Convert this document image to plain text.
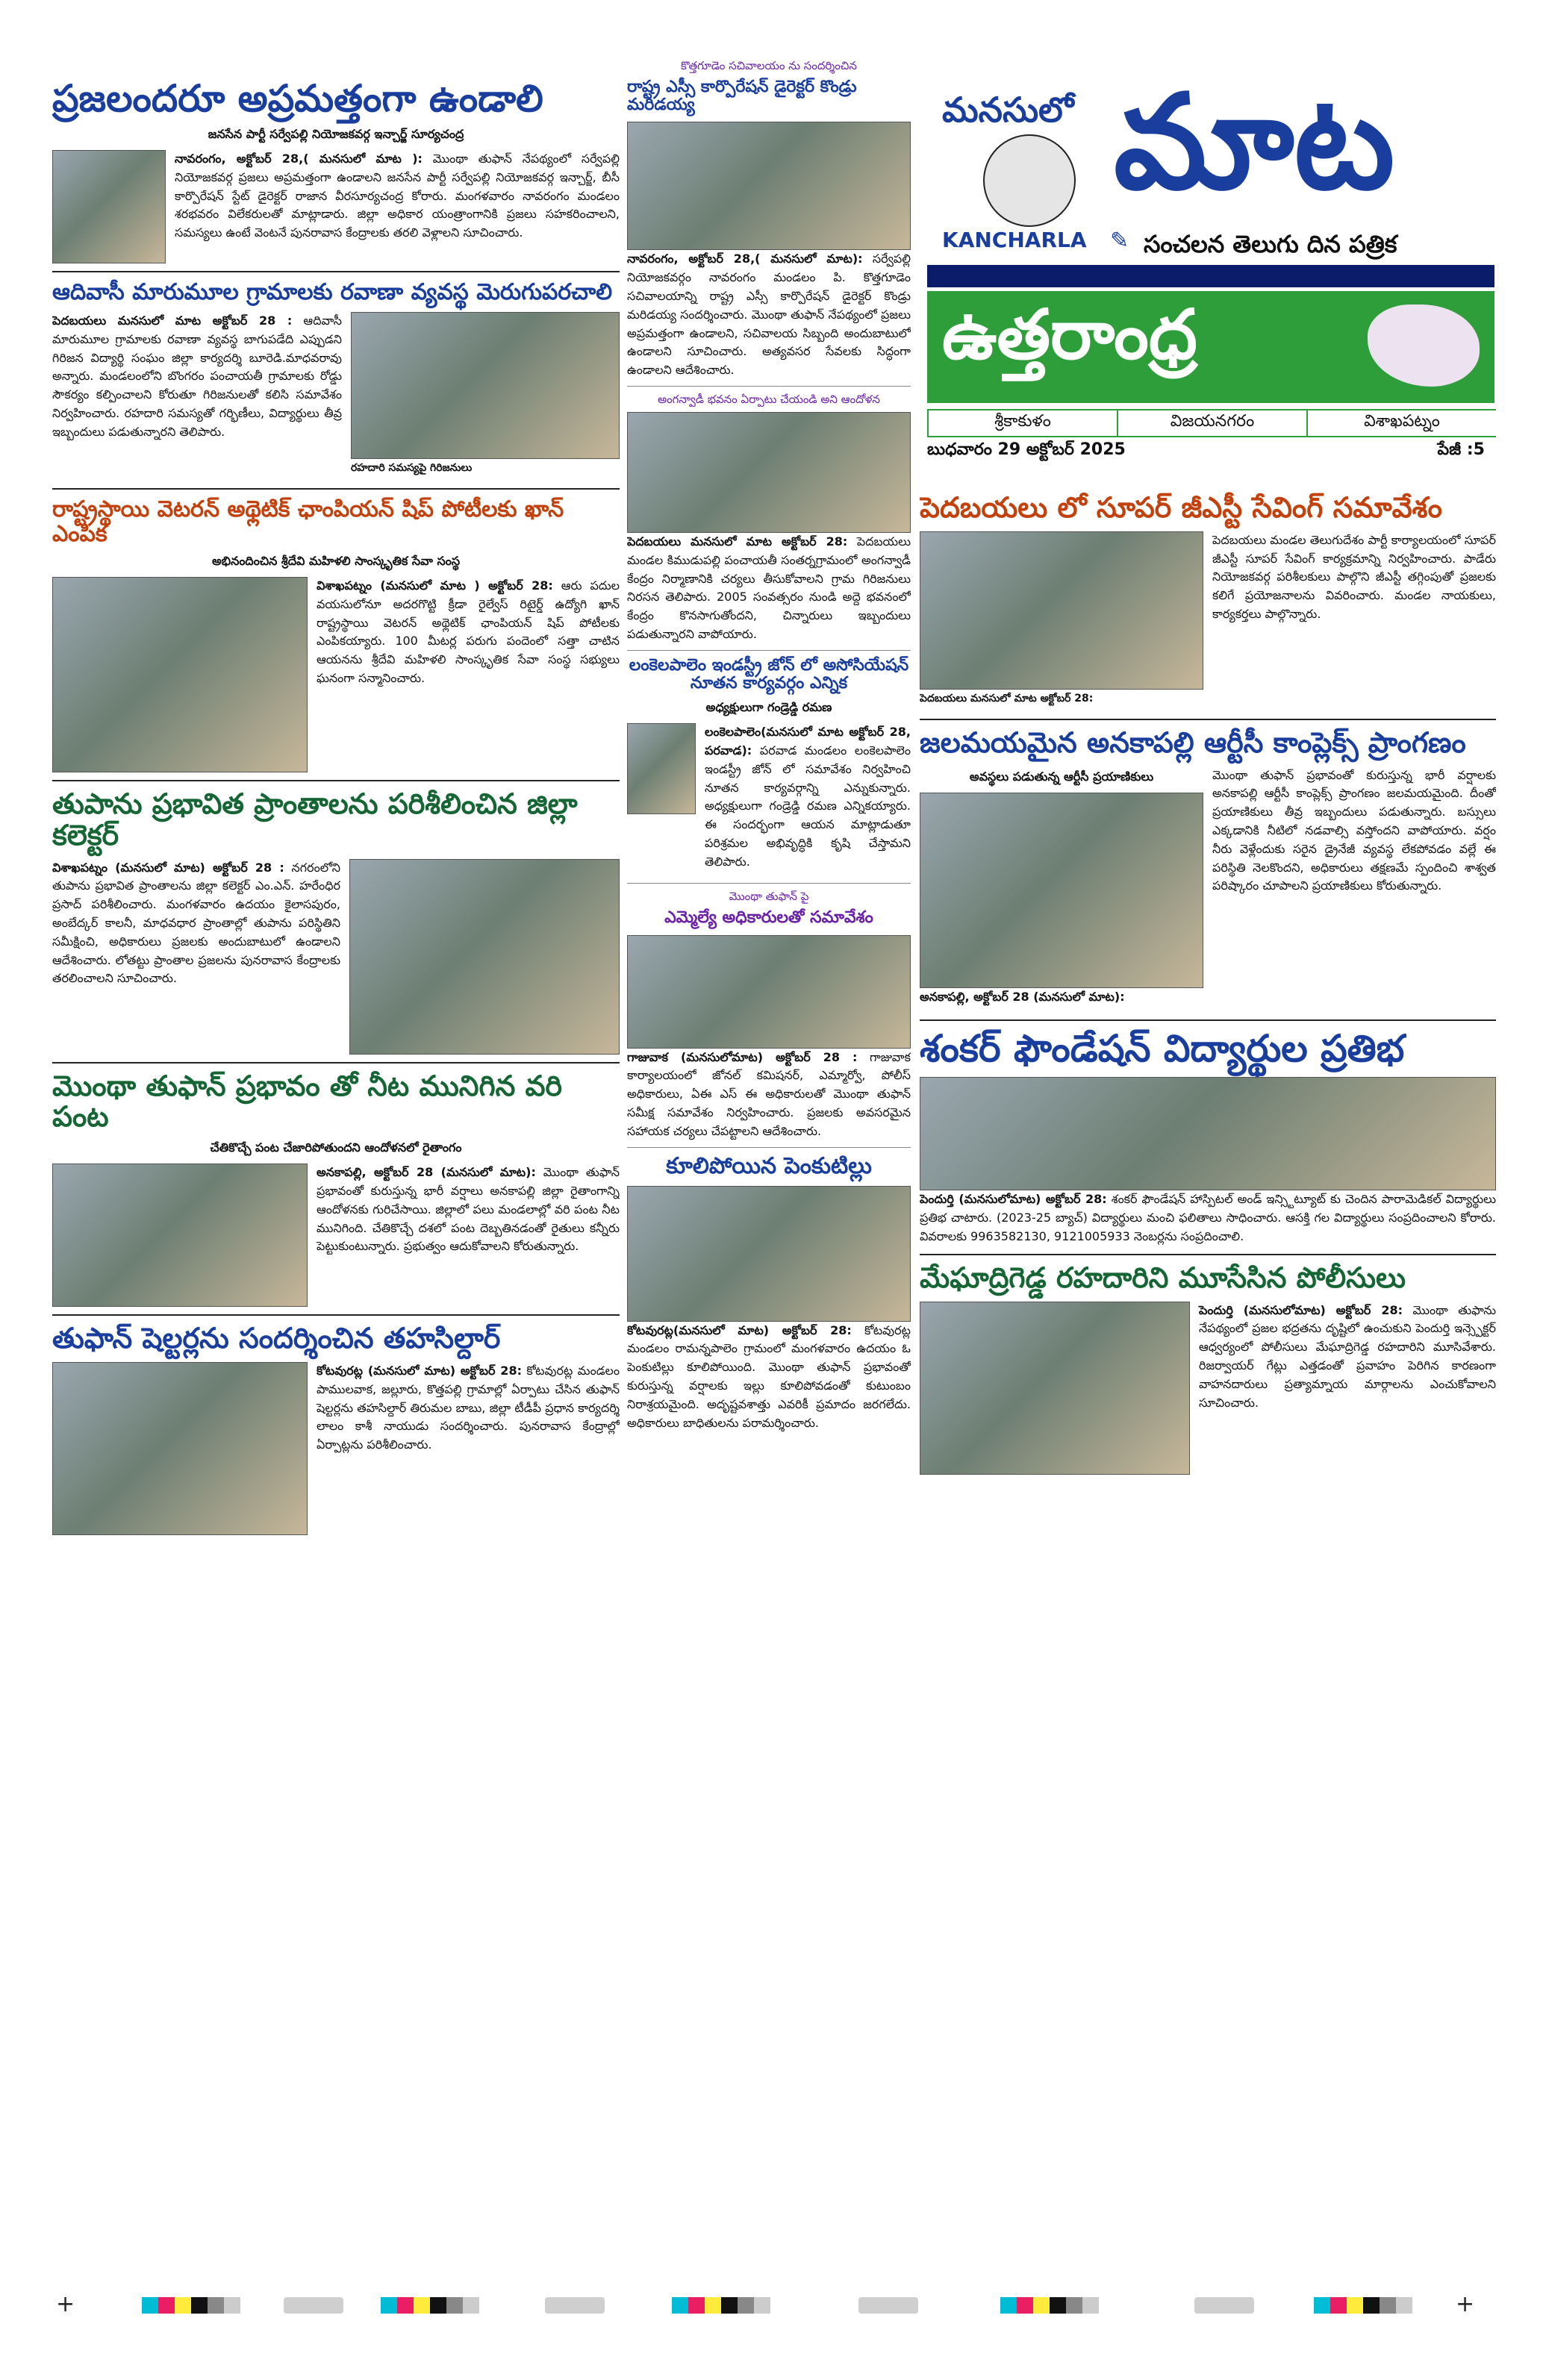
ప్రజలందరూ అప్రమత్తంగా ఉండాలి
జనసేన పార్టీ సర్వేపల్లి నియోజకవర్గ ఇన్చార్జ్ సూర్యచంద్ర

నావరంగం, అక్టోబర్ 28,( మనసులో మాట ): మొంథా తుఫాన్ నేపథ్యంలో సర్వేపల్లి నియోజకవర్గ ప్రజలు అప్రమత్తంగా ఉండాలని జనసేన పార్టీ సర్వేపల్లి నియోజకవర్గ ఇన్చార్జ్, బీసీ కార్పొరేషన్ స్టేట్ డైరెక్టర్ రాజాన వీరసూర్యచంద్ర కోరారు. మంగళవారం నావరంగం మండలం శరభవరం విలేకరులతో మాట్లాడారు. జిల్లా అధికార యంత్రాంగానికి ప్రజలు సహకరించాలని, సమస్యలు ఉంటే వెంటనే పునరావాస కేంద్రాలకు తరలి వెళ్లాలని సూచించారు.

ఆదివాసీ మారుమూల గ్రామాలకు రవాణా వ్యవస్థ మెరుగుపరచాలి

పెదబయలు మనసులో మాట అక్టోబర్ 28 : ఆదివాసీ మారుమూల గ్రామాలకు రవాణా వ్యవస్థ బాగుపడేది ఎప్పుడని గిరిజన విద్యార్థి సంఘం జిల్లా కార్యదర్శి బూరెడి.మాధవరావు అన్నారు. మండలంలోని బొంగరం పంచాయతీ గ్రామాలకు రోడ్డు సౌకర్యం కల్పించాలని కోరుతూ గిరిజనులతో కలిసి సమావేశం నిర్వహించారు. రహదారి సమస్యతో గర్భిణీలు, విద్యార్థులు తీవ్ర ఇబ్బందులు పడుతున్నారని తెలిపారు.

రహదారి సమస్యపై గిరిజనులు
రాష్ట్రస్థాయి వెటరన్ అథ్లెటిక్ ఛాంపియన్ షిప్ పోటీలకు ఖాన్ ఎంపిక
అభినందించిన శ్రీదేవి మహిళలి సాంస్కృతిక సేవా సంస్థ

విశాఖపట్నం (మనసులో మాట ) అక్టోబర్ 28: ఆరు పదుల వయసులోనూ అదరగొట్టి క్రీడా రైల్వేస్ రిటైర్డ్ ఉద్యోగి ఖాన్ రాష్ట్రస్థాయి వెటరన్ అథ్లెటిక్ ఛాంపియన్ షిప్ పోటీలకు ఎంపికయ్యారు. 100 మీటర్ల పరుగు పందెంలో సత్తా చాటిన ఆయనను శ్రీదేవి మహిళలి సాంస్కృతిక సేవా సంస్థ సభ్యులు ఘనంగా సన్మానించారు.

తుపాను ప్రభావిత ప్రాంతాలను పరిశీలించిన జిల్లా కలెక్టర్

విశాఖపట్నం (మనసులో మాట) అక్టోబర్ 28 : నగరంలోని తుపాను ప్రభావిత ప్రాంతాలను జిల్లా కలెక్టర్ ఎం.ఎన్. హరేంధిర ప్రసాద్ పరిశీలించారు. మంగళవారం ఉదయం కైలాసపురం, అంబేద్కర్ కాలనీ, మాధవధార ప్రాంతాల్లో తుపాను పరిస్థితిని సమీక్షించి, అధికారులు ప్రజలకు అందుబాటులో ఉండాలని ఆదేశించారు. లోతట్టు ప్రాంతాల ప్రజలను పునరావాస కేంద్రాలకు తరలించాలని సూచించారు.

మొంథా తుఫాన్ ప్రభావం తో నీట మునిగిన వరి పంట
చేతికొచ్చే పంట చేజారిపోతుందని ఆందోళనలో రైతాంగం

అనకాపల్లి, అక్టోబర్ 28 (మనసులో మాట): మొంథా తుఫాన్ ప్రభావంతో కురుస్తున్న భారీ వర్షాలు అనకాపల్లి జిల్లా రైతాంగాన్ని ఆందోళనకు గురిచేసాయి. జిల్లాలో పలు మండలాల్లో వరి పంట నీట మునిగింది. చేతికొచ్చే దశలో పంట దెబ్బతినడంతో రైతులు కన్నీరు పెట్టుకుంటున్నారు. ప్రభుత్వం ఆదుకోవాలని కోరుతున్నారు.

తుఫాన్ షెల్టర్లను సందర్శించిన తహసిల్దార్

కోటవురట్ల (మనసులో మాట) అక్టోబర్ 28: కోటవురట్ల మండలం పాములవాక, జల్లూరు, కొత్తపల్లి గ్రామాల్లో ఏర్పాటు చేసిన తుఫాన్ షెల్టర్లను తహసిల్దార్ తిరుమల బాబు, జిల్లా టీడీపీ ప్రధాన కార్యదర్శి లాలం కాశీ నాయుడు సందర్శించారు. పునరావాస కేంద్రాల్లో ఏర్పాట్లను పరిశీలించారు.

కొత్తగూడెం సచివాలయం ను సందర్శించిన
రాష్ట్ర ఎస్సీ కార్పొరేషన్ డైరెక్టర్ కొండ్రు మరిడయ్య

నావరంగం, అక్టోబర్ 28,( మనసులో మాట): సర్వేపల్లి నియోజకవర్గం నావరంగం మండలం పి. కొత్తగూడెం సచివాలయాన్ని రాష్ట్ర ఎస్సీ కార్పొరేషన్ డైరెక్టర్ కొండ్రు మరిడయ్య సందర్శించారు. మొంథా తుఫాన్ నేపథ్యంలో ప్రజలు అప్రమత్తంగా ఉండాలని, సచివాలయ సిబ్బంది అందుబాటులో ఉండాలని సూచించారు. అత్యవసర సేవలకు సిద్ధంగా ఉండాలని ఆదేశించారు.

అంగన్వాడీ భవనం ఏర్పాటు చేయండి అని ఆందోళన

పెదబయలు మనసులో మాట అక్టోబర్ 28: పెదబయలు మండల కిముడుపల్లి పంచాయతీ సంతర్నగ్రామంలో అంగన్వాడీ కేంద్రం నిర్మాణానికి చర్యలు తీసుకోవాలని గ్రామ గిరిజనులు నిరసన తెలిపారు. 2005 సంవత్సరం నుండి అద్దె భవనంలో కేంద్రం కొనసాగుతోందని, చిన్నారులు ఇబ్బందులు పడుతున్నారని వాపోయారు.

లంకెలపాలెం ఇండస్ట్రీ జోన్ లో అసోసియేషన్ నూతన కార్యవర్గం ఎన్నిక
అధ్యక్షులుగా గండ్రెడ్డి రమణ

లంకెలపాలెం(మనసులో మాట అక్టోబర్ 28, పరవాడ): పరవాడ మండలం లంకెలపాలెం ఇండస్ట్రీ జోన్ లో సమావేశం నిర్వహించి నూతన కార్యవర్గాన్ని ఎన్నుకున్నారు. అధ్యక్షులుగా గండ్రెడ్డి రమణ ఎన్నికయ్యారు. ఈ సందర్భంగా ఆయన మాట్లాడుతూ పరిశ్రమల అభివృద్ధికి కృషి చేస్తామని తెలిపారు.

మొంథా తుఫాన్ పై
ఎమ్మెల్యే అధికారులతో సమావేశం

గాజువాక (మనసులోమాట) అక్టోబర్ 28 : గాజువాక కార్యాలయంలో జోనల్ కమిషనర్, ఎమ్మార్వో, పోలీస్ అధికారులు, ఏఈ ఎస్ ఈ అధికారులతో మొంథా తుఫాన్ సమీక్ష సమావేశం నిర్వహించారు. ప్రజలకు అవసరమైన సహాయక చర్యలు చేపట్టాలని ఆదేశించారు.

కూలిపోయిన పెంకుటిల్లు

కోటవురట్ల(మనసులో మాట) అక్టోబర్ 28: కోటవురట్ల మండలం రామన్నపాలెం గ్రామంలో మంగళవారం ఉదయం ఓ పెంకుటిల్లు కూలిపోయింది. మొంథా తుఫాన్ ప్రభావంతో కురుస్తున్న వర్షాలకు ఇల్లు కూలిపోవడంతో కుటుంబం నిరాశ్రయమైంది. అదృష్టవశాత్తు ఎవరికీ ప్రమాదం జరగలేదు. అధికారులు బాధితులను పరామర్శించారు.

మనసులో మాట
KANCHARLA ✎ సంచలన తెలుగు దిన పత్రిక
ఉత్తరాంధ్ర
శ్రీకాకుళం	విజయనగరం	విశాఖపట్నం
బుధవారం 29 అక్టోబర్ 2025	పేజీ :5
పెదబయలు లో సూపర్ జీఎస్టీ సేవింగ్ సమావేశం
పెదబయలు మనసులో మాట అక్టోబర్ 28:

పెదబయలు మండల తెలుగుదేశం పార్టీ కార్యాలయంలో సూపర్ జీఎస్టీ సూపర్ సేవింగ్ కార్యక్రమాన్ని నిర్వహించారు. పాడేరు నియోజకవర్గ పరిశీలకులు పాల్గొని జీఎస్టీ తగ్గింపుతో ప్రజలకు కలిగే ప్రయోజనాలను వివరించారు. మండల నాయకులు, కార్యకర్తలు పాల్గొన్నారు.

జలమయమైన అనకాపల్లి ఆర్టీసీ కాంప్లెక్స్ ప్రాంగణం
అవస్థలు పడుతున్న ఆర్టీసీ ప్రయాణికులు

అనకాపల్లి, అక్టోబర్ 28 (మనసులో మాట):

మొంథా తుఫాన్ ప్రభావంతో కురుస్తున్న భారీ వర్షాలకు అనకాపల్లి ఆర్టీసీ కాంప్లెక్స్ ప్రాంగణం జలమయమైంది. దీంతో ప్రయాణికులు తీవ్ర ఇబ్బందులు పడుతున్నారు. బస్సులు ఎక్కడానికి నీటిలో నడవాల్సి వస్తోందని వాపోయారు. వర్షం నీరు వెళ్లేందుకు సరైన డ్రైనేజీ వ్యవస్థ లేకపోవడం వల్లే ఈ పరిస్థితి నెలకొందని, అధికారులు తక్షణమే స్పందించి శాశ్వత పరిష్కారం చూపాలని ప్రయాణికులు కోరుతున్నారు.

శంకర్ ఫౌండేషన్ విద్యార్థుల ప్రతిభ

పెందుర్తి (మనసులోమాట) అక్టోబర్ 28: శంకర్ ఫౌండేషన్ హాస్పిటల్ అండ్ ఇన్స్టిట్యూట్ కు చెందిన పారామెడికల్ విద్యార్థులు ప్రతిభ చాటారు. (2023-25 బ్యాచ్) విద్యార్థులు మంచి ఫలితాలు సాధించారు. ఆసక్తి గల విద్యార్థులు సంప్రదించాలని కోరారు. వివరాలకు 9963582130, 9121005933 నెంబర్లను సంప్రదించాలి.

మేఘాద్రిగెడ్డ రహదారిని మూసేసిన పోలీసులు

పెందుర్తి (మనసులోమాట) అక్టోబర్ 28: మొంథా తుఫాను నేపథ్యంలో ప్రజల భద్రతను దృష్టిలో ఉంచుకుని పెందుర్తి ఇన్స్పెక్టర్ ఆధ్వర్యంలో పోలీసులు మేఘాద్రిగెడ్డ రహదారిని మూసివేశారు. రిజర్వాయర్ గేట్లు ఎత్తడంతో ప్రవాహం పెరిగిన కారణంగా వాహనదారులు ప్రత్యామ్నాయ మార్గాలను ఎంచుకోవాలని సూచించారు.

+	+
